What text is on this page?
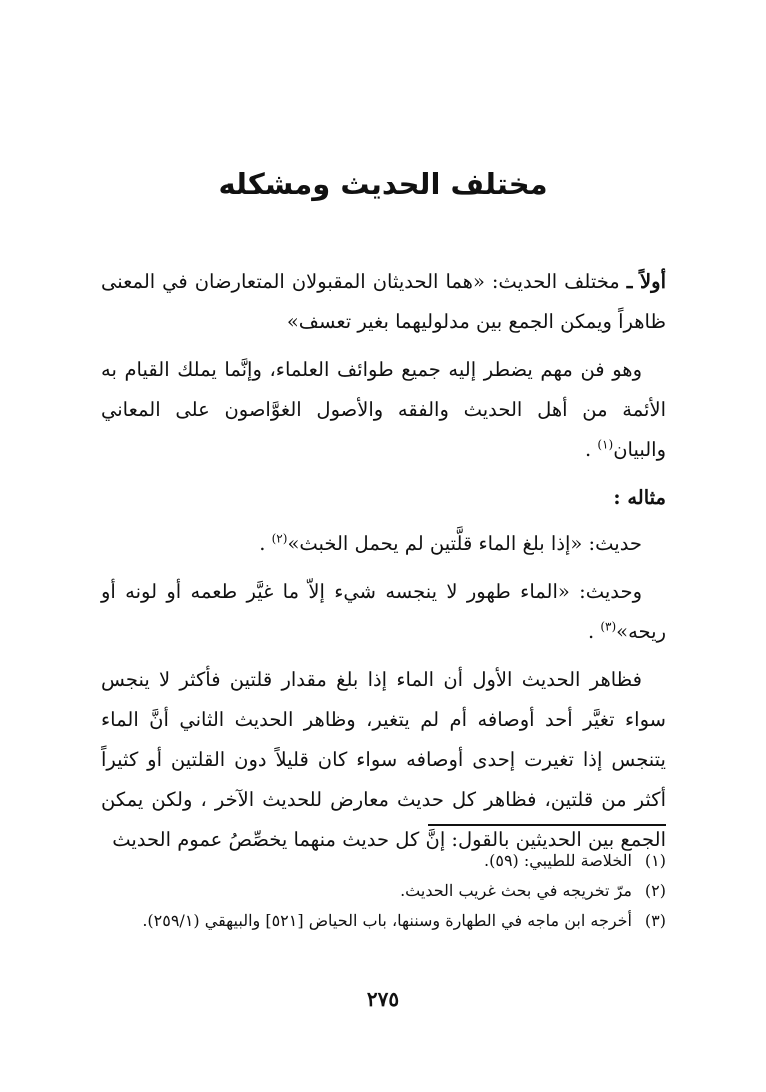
مختلف الحديث ومشكله

أولاً ـ مختلف الحديث: «هما الحديثان المقبولان المتعارضان في المعنى ظاهراً ويمكن الجمع بين مدلوليهما بغير تعسف»

وهو فن مهم يضطر إليه جميع طوائف العلماء، وإنَّما يملك القيام به الأئمة من أهل الحديث والفقه والأصول الغوَّاصون على المعاني والبيان$^{(١)}$ .

مثاله :

حديث: «إذا بلغ الماء قلَّتين لم يحمل الخبث»$^{(٢)}$ .

وحديث: «الماء طهور لا ينجسه شيء إلاّ ما غيَّر طعمه أو لونه أو ريحه»$^{(٣)}$ .

فظاهر الحديث الأول أن الماء إذا بلغ مقدار قلتين فأكثر لا ينجس سواء تغيَّر أحد أوصافه أم لم يتغير، وظاهر الحديث الثاني أنَّ الماء يتنجس إذا تغيرت إحدى أوصافه سواء كان قليلاً دون القلتين أو كثيراً أكثر من قلتين، فظاهر كل حديث معارض للحديث الآخر ، ولكن يمكن الجمع بين الحديثين بالقول: إنَّ كل حديث منهما يخصِّصُ عموم الحديث

(١)
الخلاصة للطيبي: (٥٩).

(٢)
مرّ تخريجه في بحث غريب الحديث.

(٣)
أخرجه ابن ماجه في الطهارة وسننها، باب الحياض [٥٢١] والبيهقي (٢٥٩/١).

٢٧٥
